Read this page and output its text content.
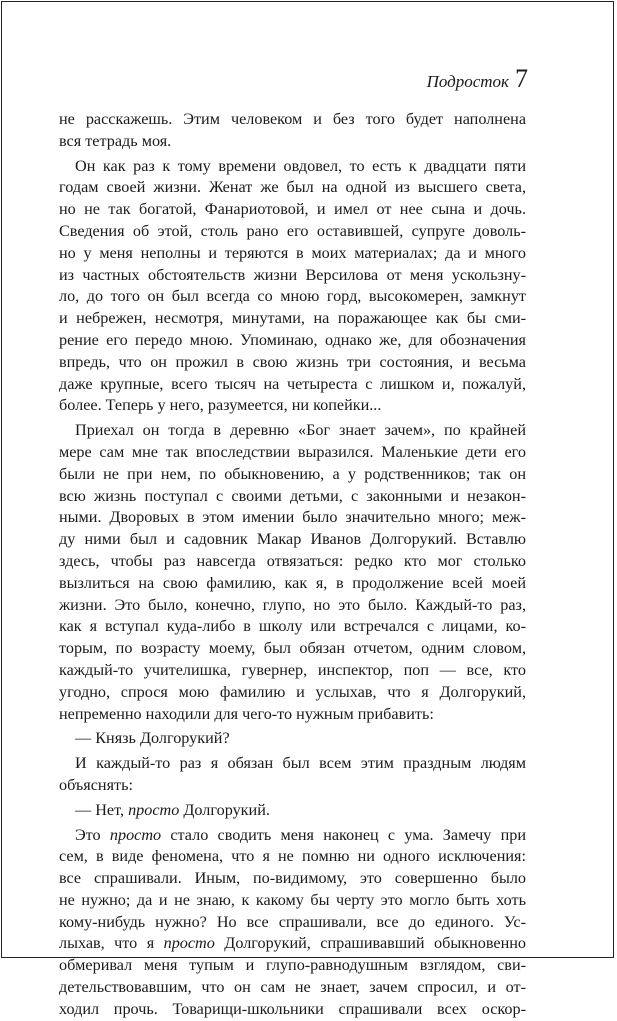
Подросток 7
не расскажешь. Этим человеком и без того будет наполнена
вся тетрадь моя.
Он как раз к тому времени овдовел, то есть к двадцати пяти
годам своей жизни. Женат же был на одной из высшего света,
но не так богатой, Фанариотовой, и имел от нее сына и дочь.
Сведения об этой, столь рано его оставившей, супруге доволь-
но у меня неполны и теряются в моих материалах; да и много
из частных обстоятельств жизни Версилова от меня ускользну-
ло, до того он был всегда со мною горд, высокомерен, замкнут
и небрежен, несмотря, минутами, на поражающее как бы сми-
рение его передо мною. Упоминаю, однако же, для обозначения
впредь, что он прожил в свою жизнь три состояния, и весьма
даже крупные, всего тысяч на четыреста с лишком и, пожалуй,
более. Теперь у него, разумеется, ни копейки...
Приехал он тогда в деревню «Бог знает зачем», по крайней
мере сам мне так впоследствии выразился. Маленькие дети его
были не при нем, по обыкновению, а у родственников; так он
всю жизнь поступал с своими детьми, с законными и незакон-
ными. Дворовых в этом имении было значительно много; меж-
ду ними был и садовник Макар Иванов Долгорукий. Вставлю
здесь, чтобы раз навсегда отвязаться: редко кто мог столько
вызлиться на свою фамилию, как я, в продолжение всей моей
жизни. Это было, конечно, глупо, но это было. Каждый-то раз,
как я вступал куда-либо в школу или встречался с лицами, ко-
торым, по возрасту моему, был обязан отчетом, одним словом,
каждый-то учителишка, гувернер, инспектор, поп — все, кто
угодно, спрося мою фамилию и услыхав, что я Долгорукий,
непременно находили для чего-то нужным прибавить:
— Князь Долгорукий?
И каждый-то раз я обязан был всем этим праздным людям
объяснять:
— Нет, просто Долгорукий.
Это просто стало сводить меня наконец с ума. Замечу при
сем, в виде феномена, что я не помню ни одного исключения:
все спрашивали. Иным, по-видимому, это совершенно было
не нужно; да и не знаю, к какому бы черту это могло быть хоть
кому-нибудь нужно? Но все спрашивали, все до единого. Ус-
лыхав, что я просто Долгорукий, спрашивавший обыкновенно
обмеривал меня тупым и глупо-равнодушным взглядом, сви-
детельствовавшим, что он сам не знает, зачем спросил, и от-
ходил прочь. Товарищи-школьники спрашивали всех оскор-
